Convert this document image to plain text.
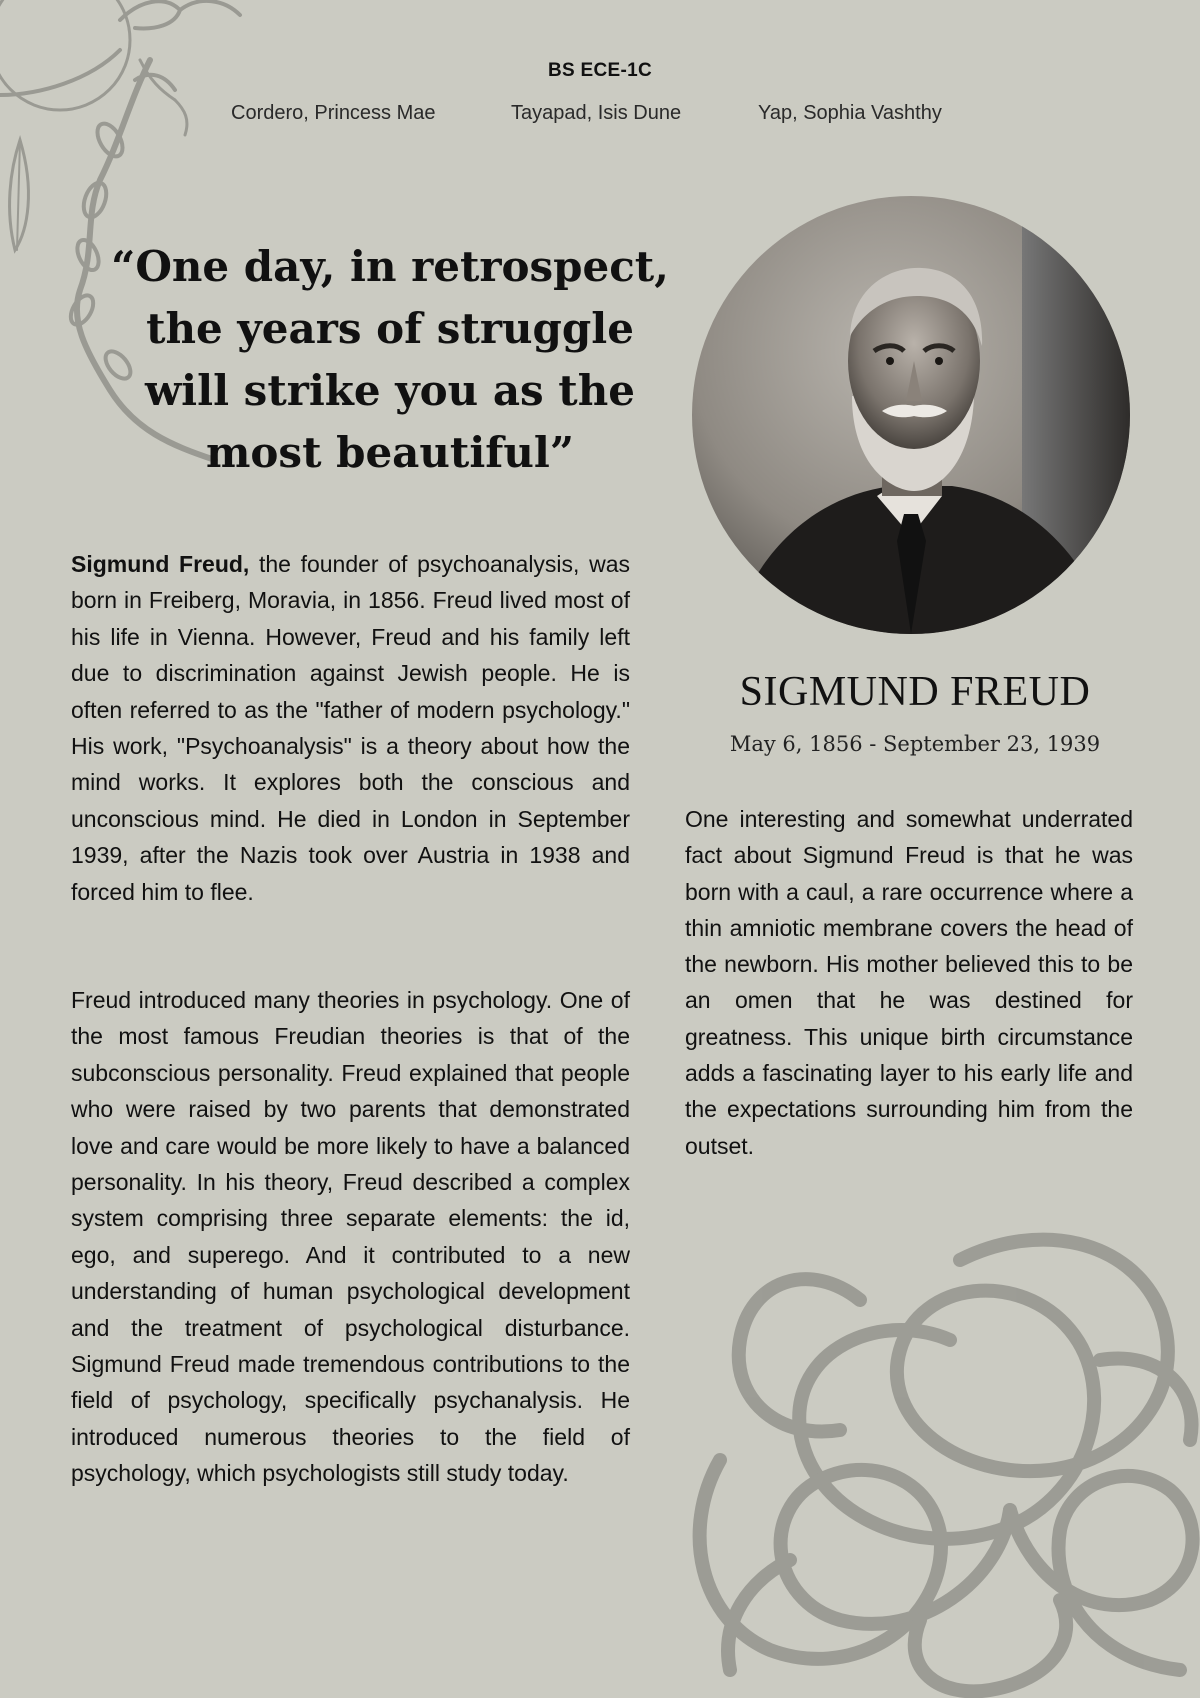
BS ECE-1C
Cordero, Princess Mae	Tayapad, Isis Dune	Yap, Sophia Vashthy
“One day, in retrospect, the years of struggle will strike you as the most beautiful”
Sigmund Freud, the founder of psychoanalysis, was born in Freiberg, Moravia, in 1856. Freud lived most of his life in Vienna. However, Freud and his family left due to discrimination against Jewish people. He is often referred to as the "father of modern psychology." His work, "Psychoanalysis" is a theory about how the mind works. It explores both the conscious and unconscious mind. He died in London in September 1939, after the Nazis took over Austria in 1938 and forced him to flee.
Freud introduced many theories in psychology. One of the most famous Freudian theories is that of the subconscious personality. Freud explained that people who were raised by two parents that demonstrated love and care would be more likely to have a balanced personality. In his theory, Freud described a complex system comprising three separate elements: the id, ego, and superego. And it contributed to a new understanding of human psychological development and the treatment of psychological disturbance. Sigmund Freud made tremendous contributions to the field of psychology, specifically psychanalysis. He introduced numerous theories to the field of psychology, which psychologists still study today.
SIGMUND FREUD
May 6, 1856 - September 23, 1939
One interesting and somewhat underrated fact about Sigmund Freud is that he was born with a caul, a rare occurrence where a thin amniotic membrane covers the head of the newborn. His mother believed this to be an omen that he was destined for greatness. This unique birth circumstance adds a fascinating layer to his early life and the expectations surrounding him from the outset.
